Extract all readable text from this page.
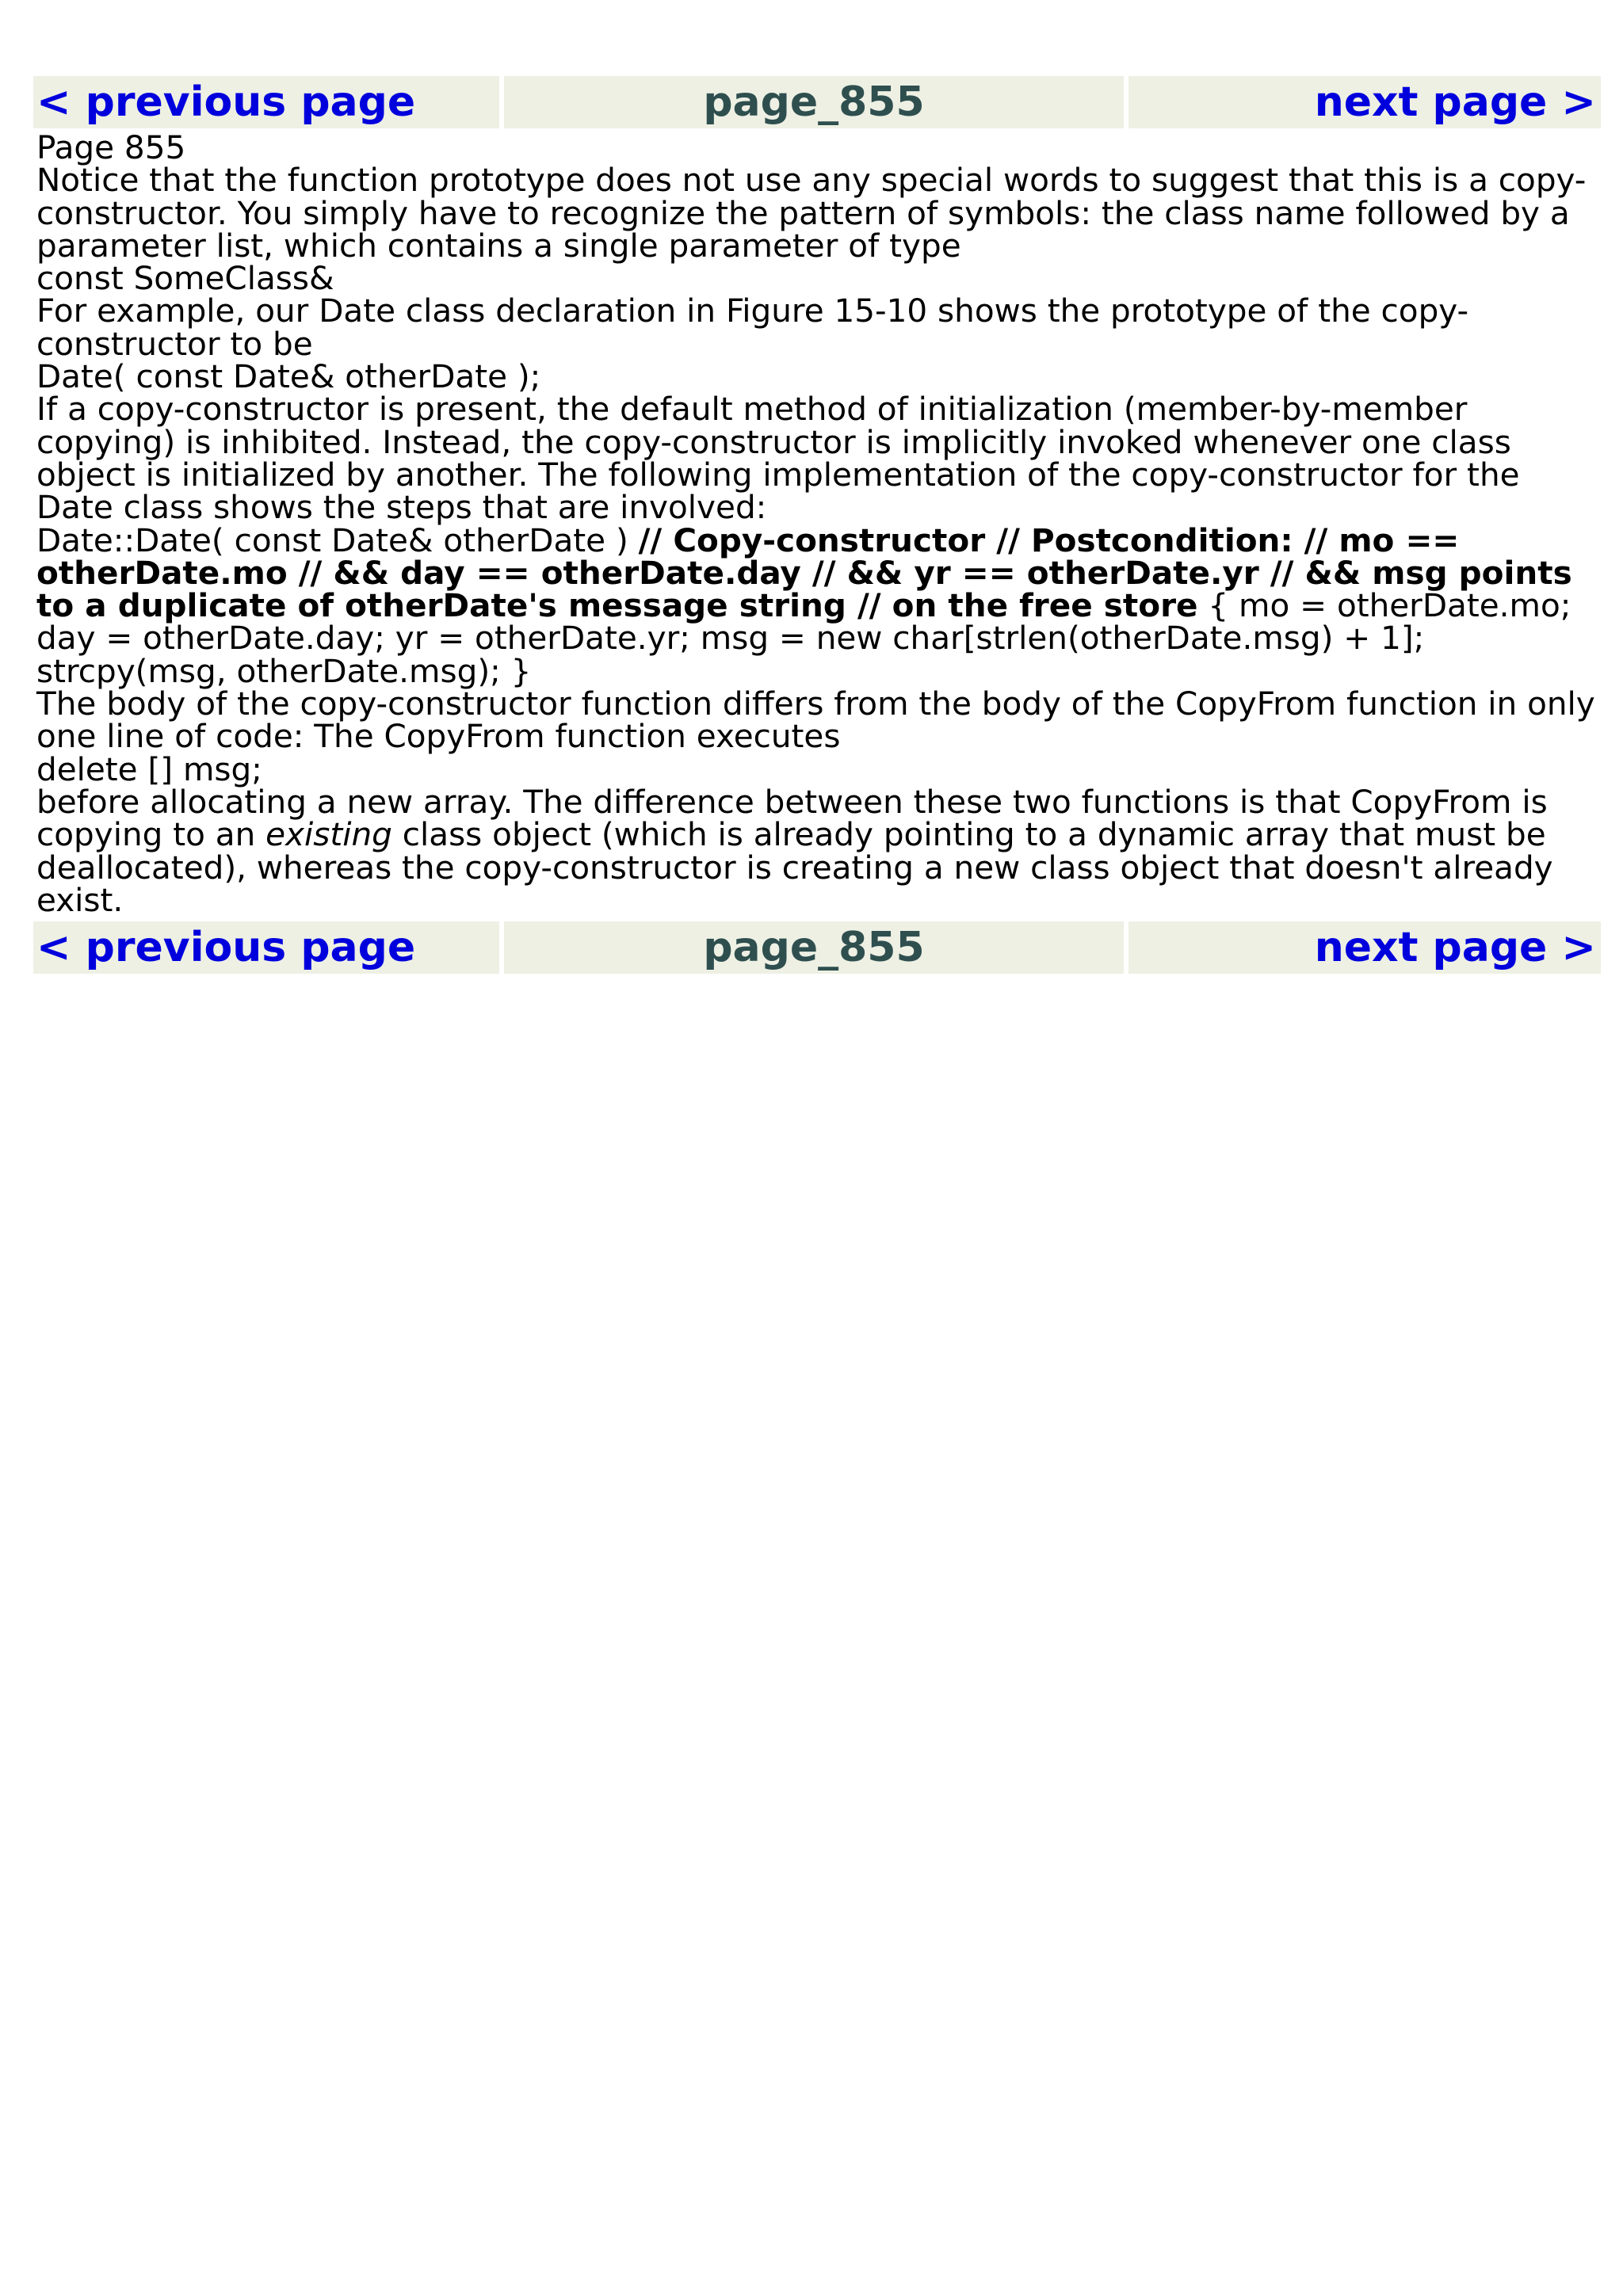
< previous page	page_855	next page >

Page 855

Notice that the function prototype does not use any special words to suggest that this is a copy-constructor. You simply have to recognize the pattern of symbols: the class name followed by a parameter list, which contains a single parameter of type

const SomeClass&

For example, our Date class declaration in Figure 15-10 shows the prototype of the copy-constructor to be

Date( const Date& otherDate );

If a copy-constructor is present, the default method of initialization (member-by-member copying) is inhibited. Instead, the copy-constructor is implicitly invoked whenever one class object is initialized by another. The following implementation of the copy-constructor for the Date class shows the steps that are involved:

Date::Date( const Date& otherDate ) // Copy-constructor // Postcondition: // mo == otherDate.mo // && day == otherDate.day // && yr == otherDate.yr // && msg points to a duplicate of otherDate's message string // on the free store { mo = otherDate.mo; day = otherDate.day; yr = otherDate.yr; msg = new char[strlen(otherDate.msg) + 1]; strcpy(msg, otherDate.msg); }

The body of the copy-constructor function differs from the body of the CopyFrom function in only one line of code: The CopyFrom function executes

delete [] msg;

before allocating a new array. The difference between these two functions is that CopyFrom is copying to an existing class object (which is already pointing to a dynamic array that must be deallocated), whereas the copy-constructor is creating a new class object that doesn't already exist.

< previous page	page_855	next page >
